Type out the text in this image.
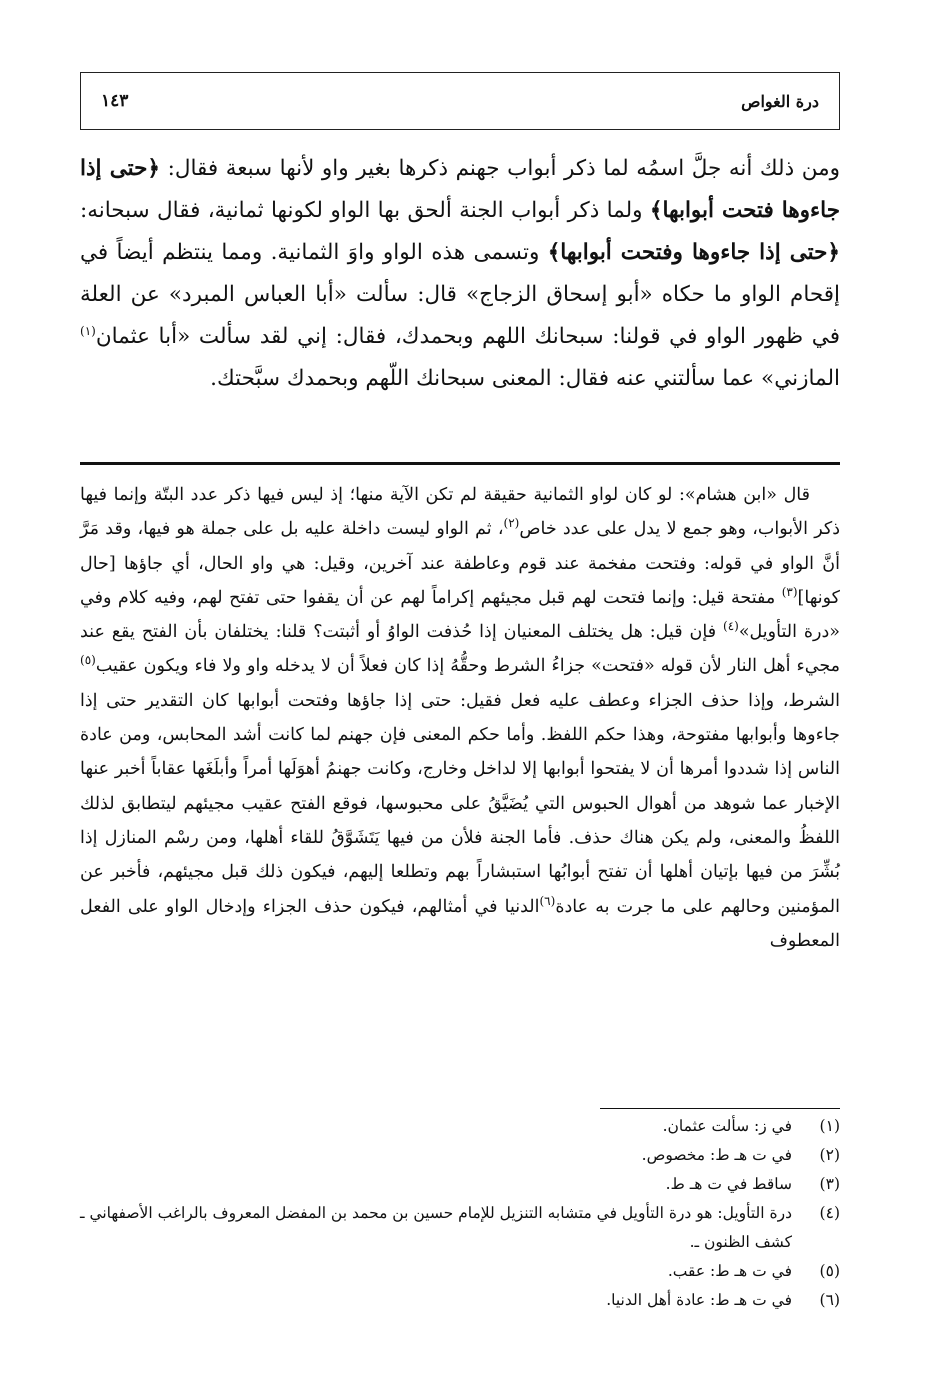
١٤٣	درة الغواص

ومن ذلك أنه جلَّ اسمُه لما ذكر أبواب جهنم ذكرها بغير واو لأنها سبعة فقال: ﴿حتى إذا جاءوها فتحت أبوابها﴾ ولما ذكر أبواب الجنة ألحق بها الواو لكونها ثمانية، فقال سبحانه: ﴿حتى إذا جاءوها وفتحت أبوابها﴾ وتسمى هذه الواو واوَ الثمانية. ومما ينتظم أيضاً في إقحام الواو ما حكاه «أبو إسحاق الزجاج» قال: سألت «أبا العباس المبرد» عن العلة في ظهور الواو في قولنا: سبحانك اللهم وبحمدك، فقال: إني لقد سألت «أبا عثمان$^{(١)}$ المازني» عما سألتني عنه فقال: المعنى سبحانك اللّهم وبحمدك سبَّحتك.

قال «ابن هشام»: لو كان لواو الثمانية حقيقة لم تكن الآية منها؛ إذ ليس فيها ذكر عدد البتّة وإنما فيها ذكر الأبواب، وهو جمع لا يدل على عدد خاص$^{(٢)}$، ثم الواو ليست داخلة عليه بل على جملة هو فيها، وقد مَرَّ أنَّ الواو في قوله: وفتحت مفخمة عند قوم وعاطفة عند آخرين، وقيل: هي واو الحال، أي جاؤها [حال كونها]$^{(٣)}$ مفتحة قيل: وإنما فتحت لهم قبل مجيئهم إكراماً لهم عن أن يقفوا حتى تفتح لهم، وفيه كلام وفي «درة التأويل»$^{(٤)}$ فإن قيل: هل يختلف المعنيان إذا حُذفت الواوُ أو أثبتت؟ قلنا: يختلفان بأن الفتح يقع عند مجيء أهل النار لأن قوله «فتحت» جزاءُ الشرط وحقُّهُ إذا كان فعلاً أن لا يدخله واو ولا فاء ويكون عقيب$^{(٥)}$ الشرط، وإذا حذف الجزاء وعطف عليه فعل فقيل: حتى إذا جاؤها وفتحت أبوابها كان التقدير حتى إذا جاءوها وأبوابها مفتوحة، وهذا حكم اللفظ. وأما حكم المعنى فإن جهنم لما كانت أشد المحابس، ومن عادة الناس إذا شددوا أمرها أن لا يفتحوا أبوابها إلا لداخل وخارج، وكانت جهنمُ أهوَلَها أمراً وأبلَغَها عقاباً أخبر عنها الإخبار عما شوهد من أهوال الحبوس التي يُضَيَّقُ على محبوسها، فوقع الفتح عقيب مجيئهم ليتطابق لذلك اللفظُ والمعنى، ولم يكن هناك حذف. فأما الجنة فلأن من فيها يَتَشَوَّقُ للقاء أهلها، ومن رسْم المنازل إذا بُشِّرَ من فيها بإتيان أهلها أن تفتح أبوابُها استبشاراً بهم وتطلعا إليهم، فيكون ذلك قبل مجيئهم، فأخبر عن المؤمنين وحالهم على ما جرت به عادة$^{(٦)}$الدنيا في أمثالهم، فيكون حذف الجزاء وإدخال الواو على الفعل المعطوف

(١)
في ز: سألت عثمان.
(٢)
في ت هـ ط: مخصوص.
(٣)
ساقط في ت هـ ط.
(٤)
درة التأويل: هو درة التأويل في متشابه التنزيل للإمام حسين بن محمد بن المفضل المعروف بالراغب الأصفهاني ـ كشف الظنون ـ.
(٥)
في ت هـ ط: عقب.
(٦)
في ت هـ ط: عادة أهل الدنيا.
